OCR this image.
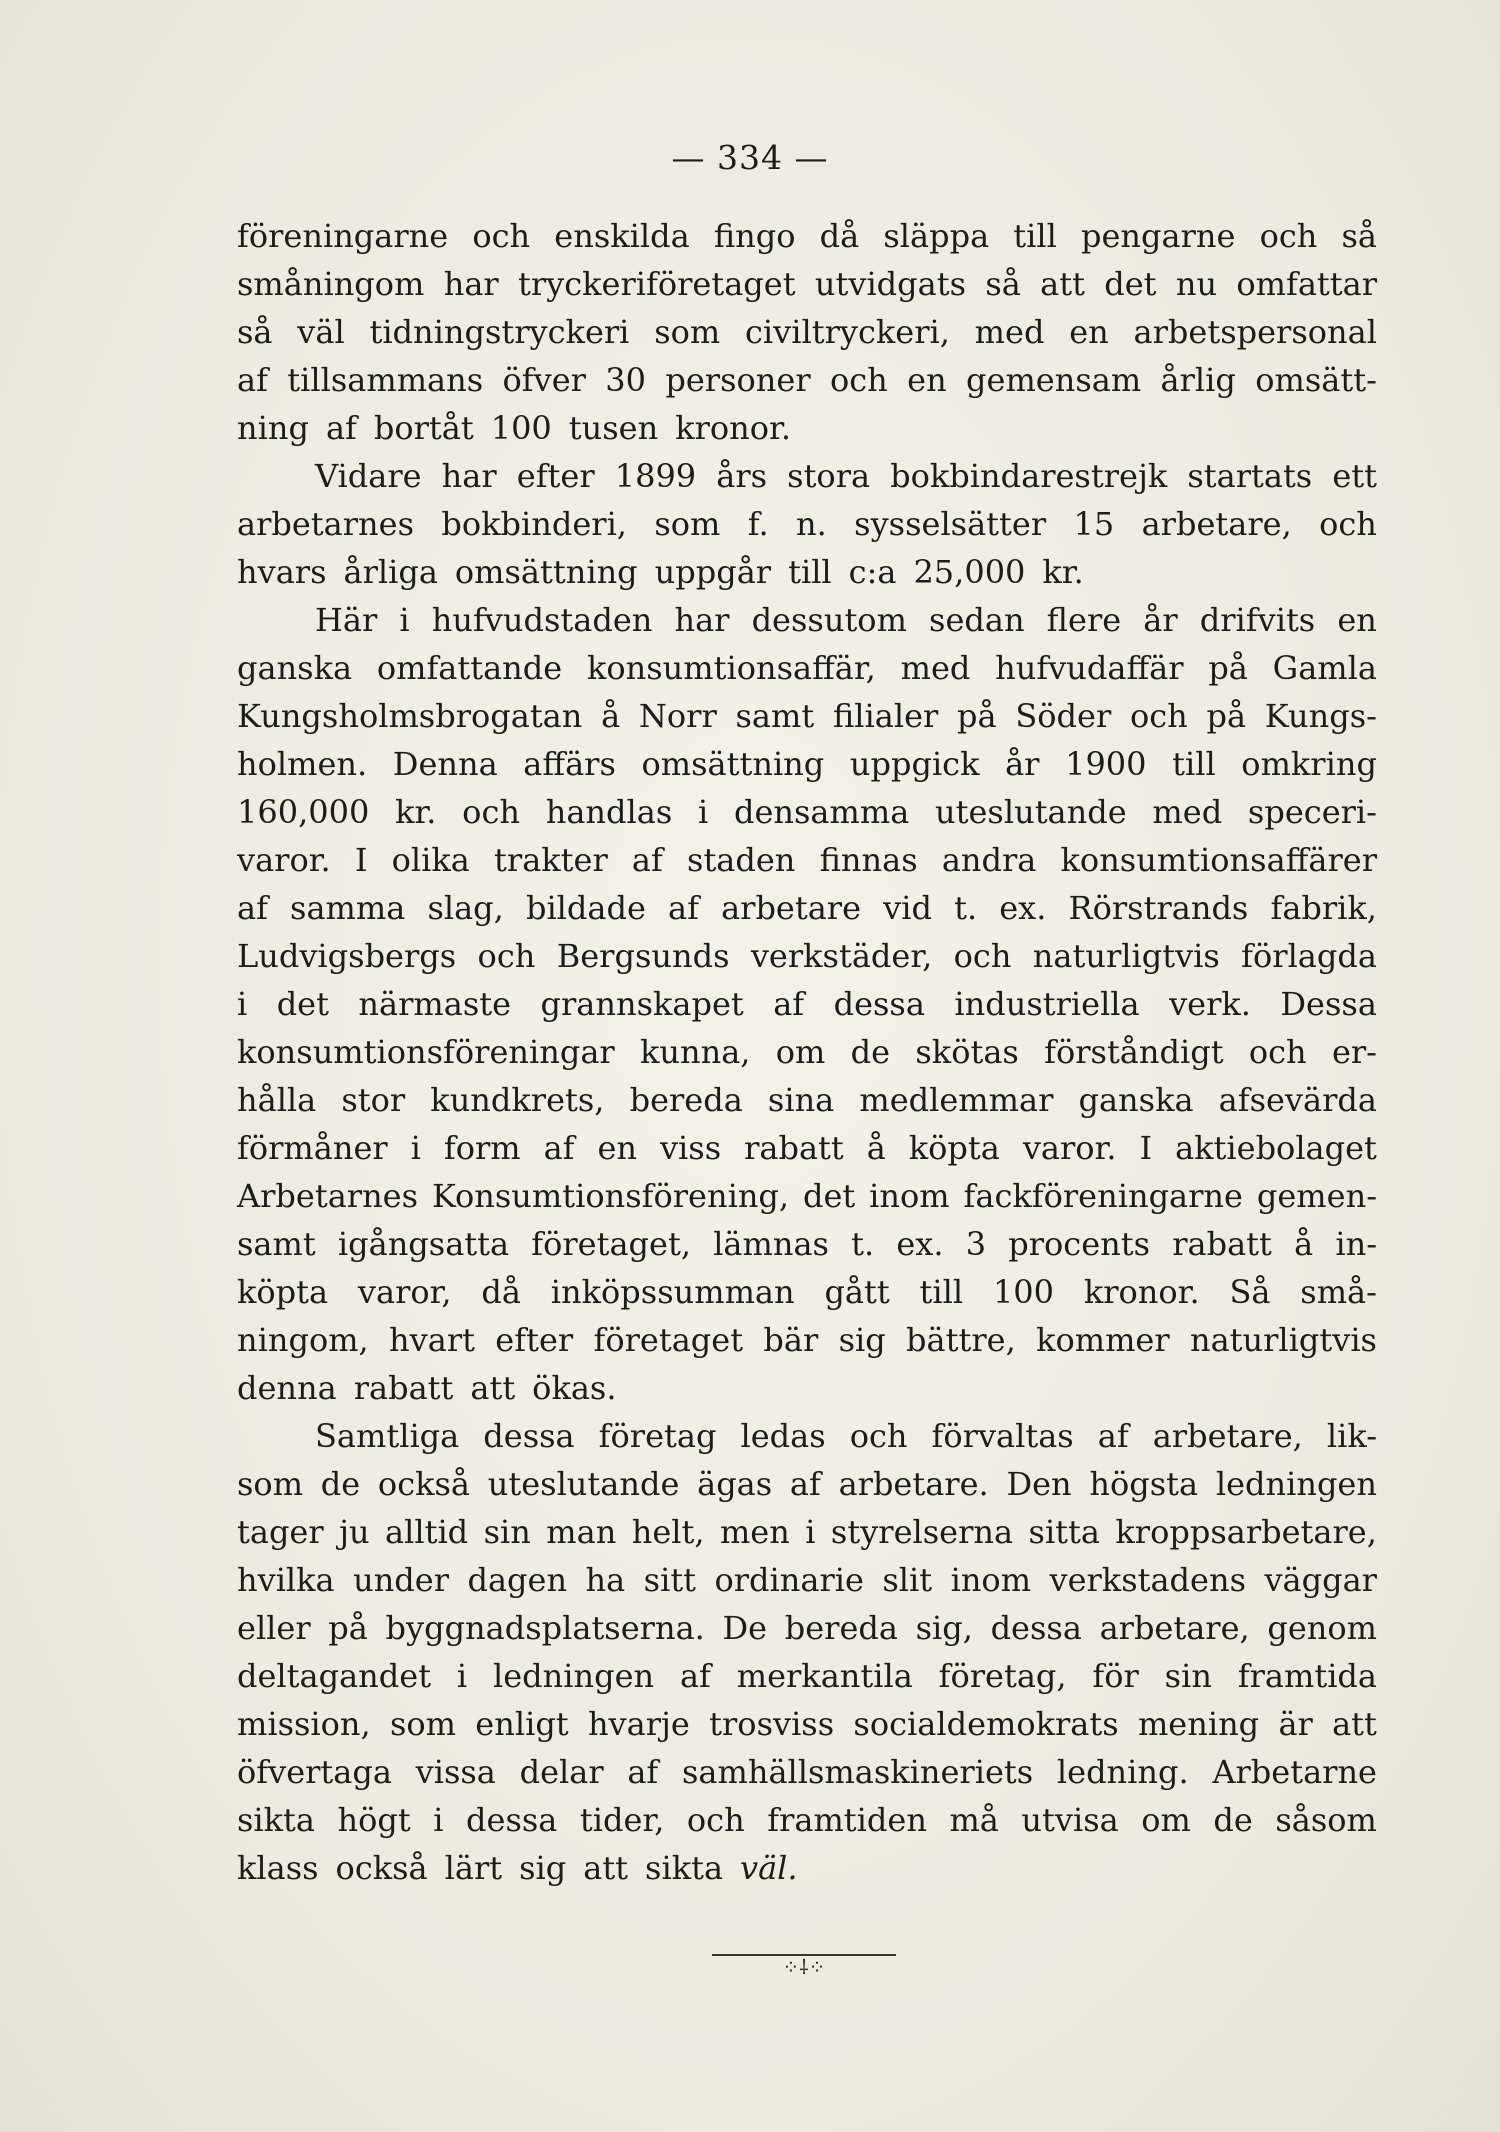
— 334 —
föreningarne och enskilda fingo då släppa till pengarne och så
småningom har tryckeriföretaget utvidgats så att det nu omfattar
så väl tidningstryckeri som civiltryckeri, med en arbetspersonal
af tillsammans öfver 30 personer och en gemensam årlig omsätt-
ning af bortåt 100 tusen kronor.
Vidare har efter 1899 års stora bokbindarestrejk startats ett
arbetarnes bokbinderi, som f. n. sysselsätter 15 arbetare, och
hvars årliga omsättning uppgår till c:a 25,000 kr.
Här i hufvudstaden har dessutom sedan flere år drifvits en
ganska omfattande konsumtionsaffär, med hufvudaffär på Gamla
Kungsholmsbrogatan å Norr samt filialer på Söder och på Kungs-
holmen. Denna affärs omsättning uppgick år 1900 till omkring
160,000 kr. och handlas i densamma uteslutande med speceri-
varor. I olika trakter af staden finnas andra konsumtionsaffärer
af samma slag, bildade af arbetare vid t. ex. Rörstrands fabrik,
Ludvigsbergs och Bergsunds verkstäder, och naturligtvis förlagda
i det närmaste grannskapet af dessa industriella verk. Dessa
konsumtionsföreningar kunna, om de skötas förståndigt och er-
hålla stor kundkrets, bereda sina medlemmar ganska afsevärda
förmåner i form af en viss rabatt å köpta varor. I aktiebolaget
Arbetarnes Konsumtionsförening, det inom fackföreningarne gemen-
samt igångsatta företaget, lämnas t. ex. 3 procents rabatt å in-
köpta varor, då inköpssumman gått till 100 kronor. Så små-
ningom, hvart efter företaget bär sig bättre, kommer naturligtvis
denna rabatt att ökas.
Samtliga dessa företag ledas och förvaltas af arbetare, lik-
som de också uteslutande ägas af arbetare. Den högsta ledningen
tager ju alltid sin man helt, men i styrelserna sitta kroppsarbetare,
hvilka under dagen ha sitt ordinarie slit inom verkstadens väggar
eller på byggnadsplatserna. De bereda sig, dessa arbetare, genom
deltagandet i ledningen af merkantila företag, för sin framtida
mission, som enligt hvarje trosviss socialdemokrats mening är att
öfvertaga vissa delar af samhällsmaskineriets ledning. Arbetarne
sikta högt i dessa tider, och framtiden må utvisa om de såsom
klass också lärt sig att sikta väl.
⁘⸸⁘
